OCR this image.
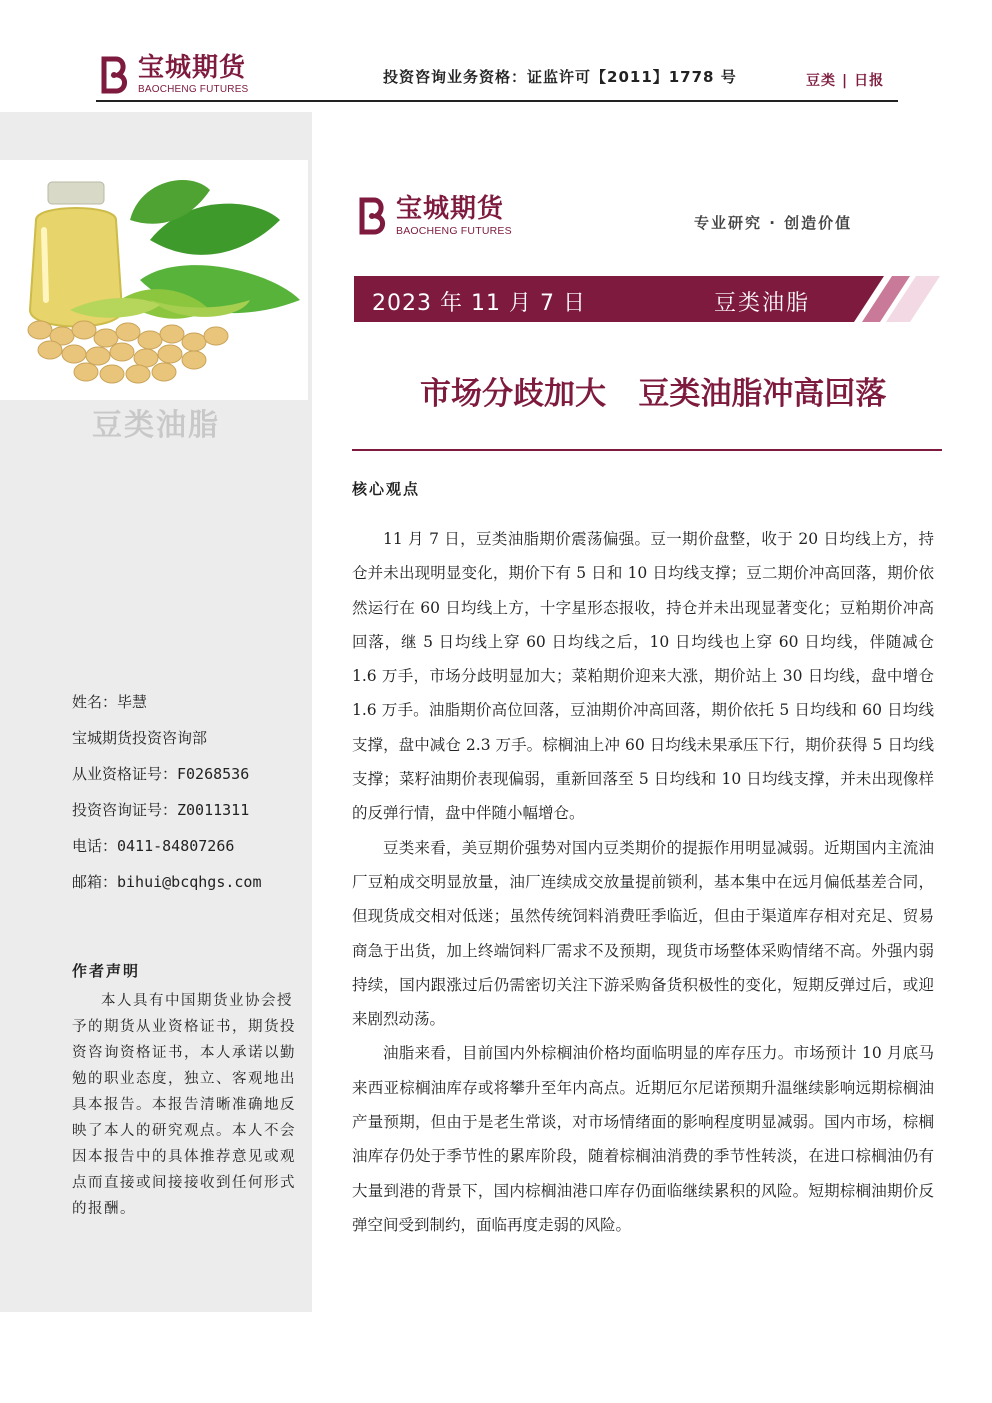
宝城期货
BAOCHENG FUTURES
投资咨询业务资格：证监许可【2011】1778 号	豆类 | 日报
豆类油脂
姓名：毕慧
宝城期货投资咨询部
从业资格证号：F0268536
投资咨询证号：Z0011311
电话：0411-84807266
邮箱：bihui@bcqhgs.com
作者声明
本人具有中国期货业协会授予的期货从业资格证书，期货投资咨询资格证书，本人承诺以勤勉的职业态度，独立、客观地出具本报告。本报告清晰准确地反映了本人的研究观点。本人不会因本报告中的具体推荐意见或观点而直接或间接接收到任何形式的报酬。
宝城期货
BAOCHENG FUTURES	专业研究 · 创造价值
2023 年 11 月 7 日	豆类油脂
市场分歧加大   豆类油脂冲高回落
核心观点

11 月 7 日，豆类油脂期价震荡偏强。豆一期价盘整，收于 20 日均线上方，持仓并未出现明显变化，期价下有 5 日和 10 日均线支撑；豆二期价冲高回落，期价依然运行在 60 日均线上方，十字星形态报收，持仓并未出现显著变化；豆粕期价冲高回落，继 5 日均线上穿 60 日均线之后，10 日均线也上穿 60 日均线，伴随减仓 1.6 万手，市场分歧明显加大；菜粕期价迎来大涨，期价站上 30 日均线，盘中增仓 1.6 万手。油脂期价高位回落，豆油期价冲高回落，期价依托 5 日均线和 60 日均线支撑，盘中减仓 2.3 万手。棕榈油上冲 60 日均线未果承压下行，期价获得 5 日均线支撑；菜籽油期价表现偏弱，重新回落至 5 日均线和 10 日均线支撑，并未出现像样的反弹行情，盘中伴随小幅增仓。

豆类来看，美豆期价强势对国内豆类期价的提振作用明显减弱。近期国内主流油厂豆粕成交明显放量，油厂连续成交放量提前锁利，基本集中在远月偏低基差合同，但现货成交相对低迷；虽然传统饲料消费旺季临近，但由于渠道库存相对充足、贸易商急于出货，加上终端饲料厂需求不及预期，现货市场整体采购情绪不高。外强内弱持续，国内跟涨过后仍需密切关注下游采购备货积极性的变化，短期反弹过后，或迎来剧烈动荡。

油脂来看，目前国内外棕榈油价格均面临明显的库存压力。市场预计 10 月底马来西亚棕榈油库存或将攀升至年内高点。近期厄尔尼诺预期升温继续影响远期棕榈油产量预期，但由于是老生常谈，对市场情绪面的影响程度明显减弱。国内市场，棕榈油库存仍处于季节性的累库阶段，随着棕榈油消费的季节性转淡，在进口棕榈油仍有大量到港的背景下，国内棕榈油港口库存仍面临继续累积的风险。短期棕榈油期价反弹空间受到制约，面临再度走弱的风险。
